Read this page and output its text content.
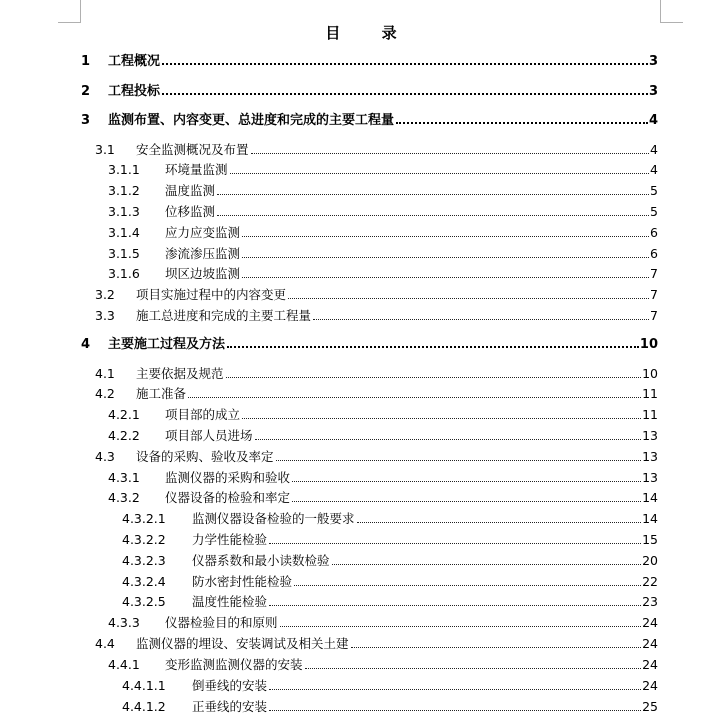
目 录
1 工程概况	3
2 工程投标	3
3 监测布置、内容变更、总进度和完成的主要工程量	4
3.1 安全监测概况及布置	4
3.1.1 环境量监测	4
3.1.2 温度监测	5
3.1.3 位移监测	5
3.1.4 应力应变监测	6
3.1.5 渗流渗压监测	6
3.1.6 坝区边坡监测	7
3.2 项目实施过程中的内容变更	7
3.3 施工总进度和完成的主要工程量	7
4 主要施工过程及方法	10
4.1 主要依据及规范	10
4.2 施工准备	11
4.2.1 项目部的成立	11
4.2.2 项目部人员进场	13
4.3 设备的采购、验收及率定	13
4.3.1 监测仪器的采购和验收	13
4.3.2 仪器设备的检验和率定	14
4.3.2.1 监测仪器设备检验的一般要求	14
4.3.2.2 力学性能检验	15
4.3.2.3 仪器系数和最小读数检验	20
4.3.2.4 防水密封性能检验	22
4.3.2.5 温度性能检验	23
4.3.3 仪器检验目的和原则	24
4.4 监测仪器的埋设、安装调试及相关土建	24
4.4.1 变形监测监测仪器的安装	24
4.4.1.1 倒垂线的安装	24
4.4.1.2 正垂线的安装	25
